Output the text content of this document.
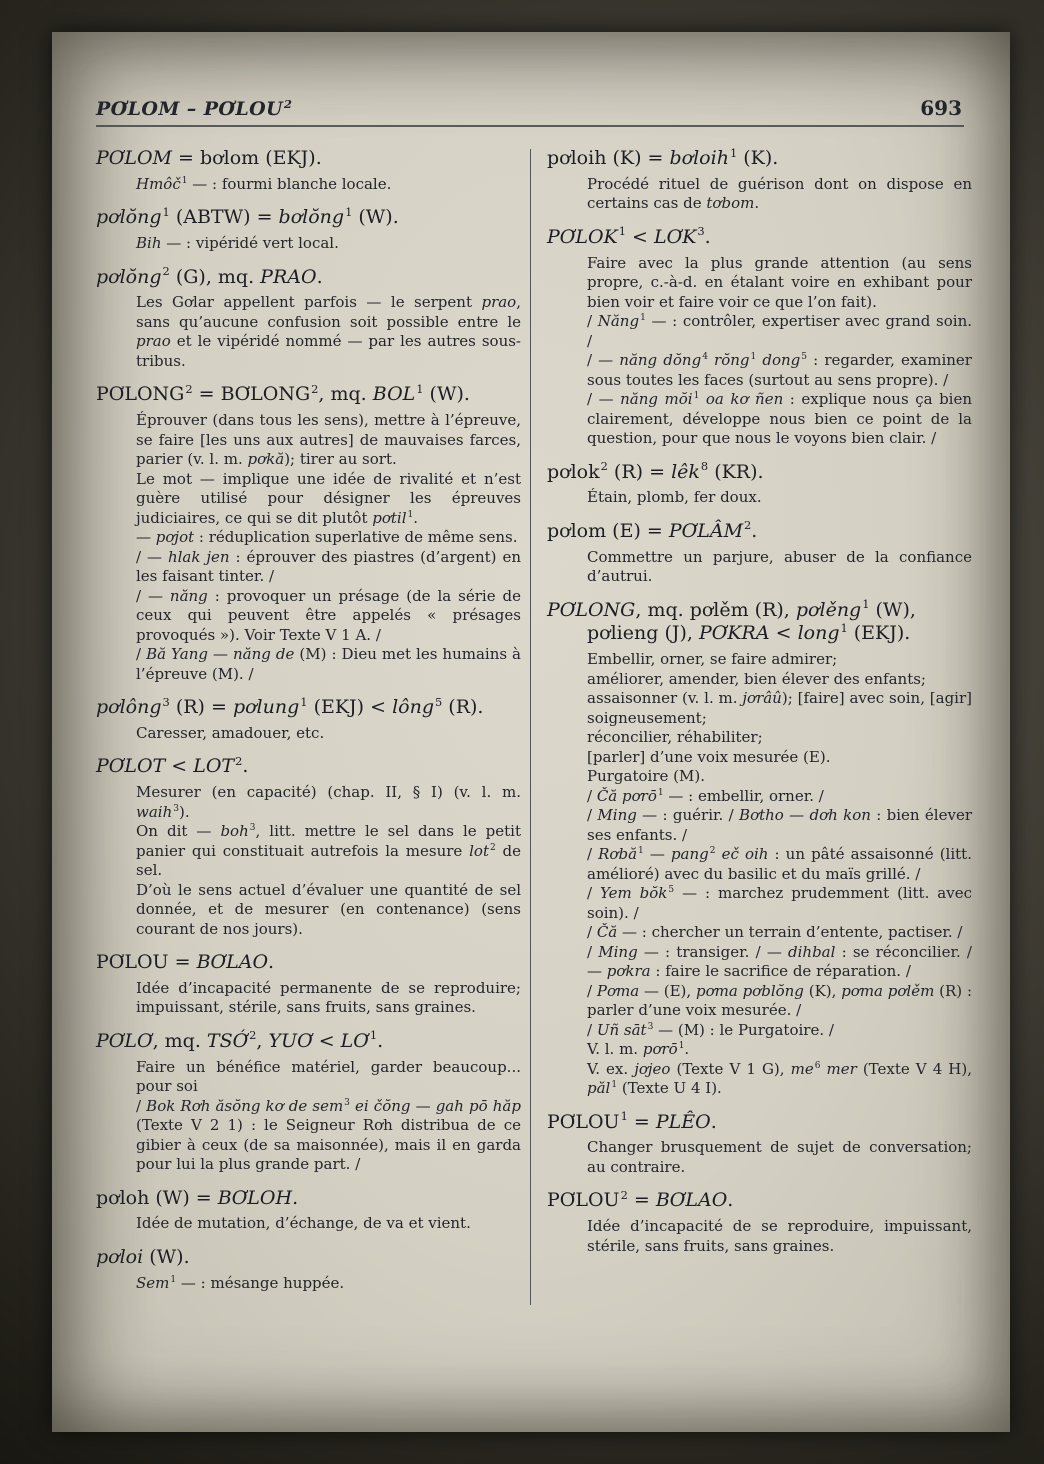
PƠLOM – PƠLOU$^2$	693
PƠLOM = bơlom (EKJ).

Hmôč$^1$ — : fourmi blanche locale.

pơlŏng$^1$ (ABTW) = bơlŏng$^1$ (W).

Bih — : vipéridé vert local.

pơlŏng$^2$ (G), mq. PRAO.

Les Gơlar appellent parfois — le serpent prao, sans qu’aucune confusion soit possible entre le prao et le vipéridé nommé — par les autres sous-tribus.

$PƠLONG^2$ = $BƠLONG^2$, mq. BOL$^1$ (W).

Éprouver (dans tous les sens), mettre à l’épreuve, se faire [les uns aux autres] de mauvaises farces, parier (v. l. m. pơkă); tirer au sort.

Le mot — implique une idée de rivalité et n’est guère utilisé pour désigner les épreuves judiciaires, ce qui se dit plutôt pơtil$^1$.

— pơjot : réduplication superlative de même sens.

/ — hlak jen : éprouver des piastres (d’argent) en les faisant tinter. /

/ — năng : provoquer un présage (de la série de ceux qui peuvent être appelés « présages provoqués »). Voir Texte V 1 A. /

/ Bă Yang — năng de (M) : Dieu met les humains à l’épreuve (M). /

pơlông$^3$ (R) = pơlung$^1$ (EKJ) < lông$^5$ (R).

Caresser, amadouer, etc.

PƠLOT < $LOT^2$.

Mesurer (en capacité) (chap. II, § I) (v. l. m. waih$^3$).

On dit — boh$^3$, litt. mettre le sel dans le petit panier qui constituait autrefois la mesure lot$^2$ de sel.

D’où le sens actuel d’évaluer une quantité de sel donnée, et de mesurer (en contenance) (sens courant de nos jours).

PƠLOU = BƠLAO.

Idée d’incapacité permanente de se reproduire; impuissant, stérile, sans fruits, sans graines.

PƠLƠ, mq. TSỚ$^2$, YUƠ < $LƠ^1$.

Faire un bénéfice matériel, garder beaucoup... pour soi

/ Bok Rơh ăsŏng kơ de sem$^3$ ei čŏng — gah pō hăp (Texte V 2 1) : le Seigneur Rơh distribua de ce gibier à ceux (de sa maisonnée), mais il en garda pour lui la plus grande part. /

pơloh (W) = BƠLOH.

Idée de mutation, d’échange, de va et vient.

pơloi (W).

Sem$^1$ — : mésange huppée.

pơloih (K) = bơloih$^1$ (K).

Procédé rituel de guérison dont on dispose en certains cas de tơbom.

$PƠLOK^1$ < $LƠK^3$.

Faire avec la plus grande attention (au sens propre, c.-à-d. en étalant voire en exhibant pour bien voir et faire voir ce que l’on fait).

/ Năng$^1$ — : contrôler, expertiser avec grand soin. /

/ — năng dŏng$^4$ rŏng$^1$ dong$^5$ : regarder, examiner sous toutes les faces (surtout au sens propre). /

/ — năng mŏi$^1$ oa kơ ñen : explique nous ça bien clairement, développe nous bien ce point de la question, pour que nous le voyons bien clair. /

pơlok$^2$ (R) = lêk$^8$ (KR).

Étain, plomb, fer doux.

pơlom $(E) = PƠLÂM^2$.

Commettre un parjure, abuser de la confiance d’autrui.

PƠLONG, mq. pơlěm (R), pơlěng$^1$ (W), pơlieng (J), PƠKRA < long$^1$ (EKJ).

Embellir, orner, se faire admirer;

améliorer, amender, bien élever des enfants;

assaisonner (v. l. m. jơrâû); [faire] avec soin, [agir] soigneusement;

réconcilier, réhabiliter;

[parler] d’une voix mesurée (E).

Purgatoire (M).

/ Čă pơrō$^1$ — : embellir, orner. /

/ Ming — : guérir. / Bơtho — dơh kon : bien élever ses enfants. /

/ Rơbă$^1$ — pang$^2$ eč oih : un pâté assaisonné (litt. amélioré) avec du basilic et du maïs grillé. /

/ Yem bŏk$^5$ — : marchez prudemment (litt. avec soin). /

/ Čă — : chercher un terrain d’entente, pactiser. /

/ Ming — : transiger. / — dihbal : se réconcilier. / — pơkra : faire le sacrifice de réparation. /

/ Pơma — (E), pơma pơblŏng (K), pơma pơlěm (R) : parler d’une voix mesurée. /

/ Uñ sāt$^3$ — (M) : le Purgatoire. /

V. l. m. pơrō$^1$.

V. ex. jơjeo (Texte V 1 G), $me^6$ mer (Texte V 4 H), păl$^1$ (Texte U 4 I).

$PƠLOU^1$ = PLÊO.

Changer brusquement de sujet de conversation; au contraire.

$PƠLOU^2$ = BƠLAO.

Idée d’incapacité de se reproduire, impuissant, stérile, sans fruits, sans graines.
